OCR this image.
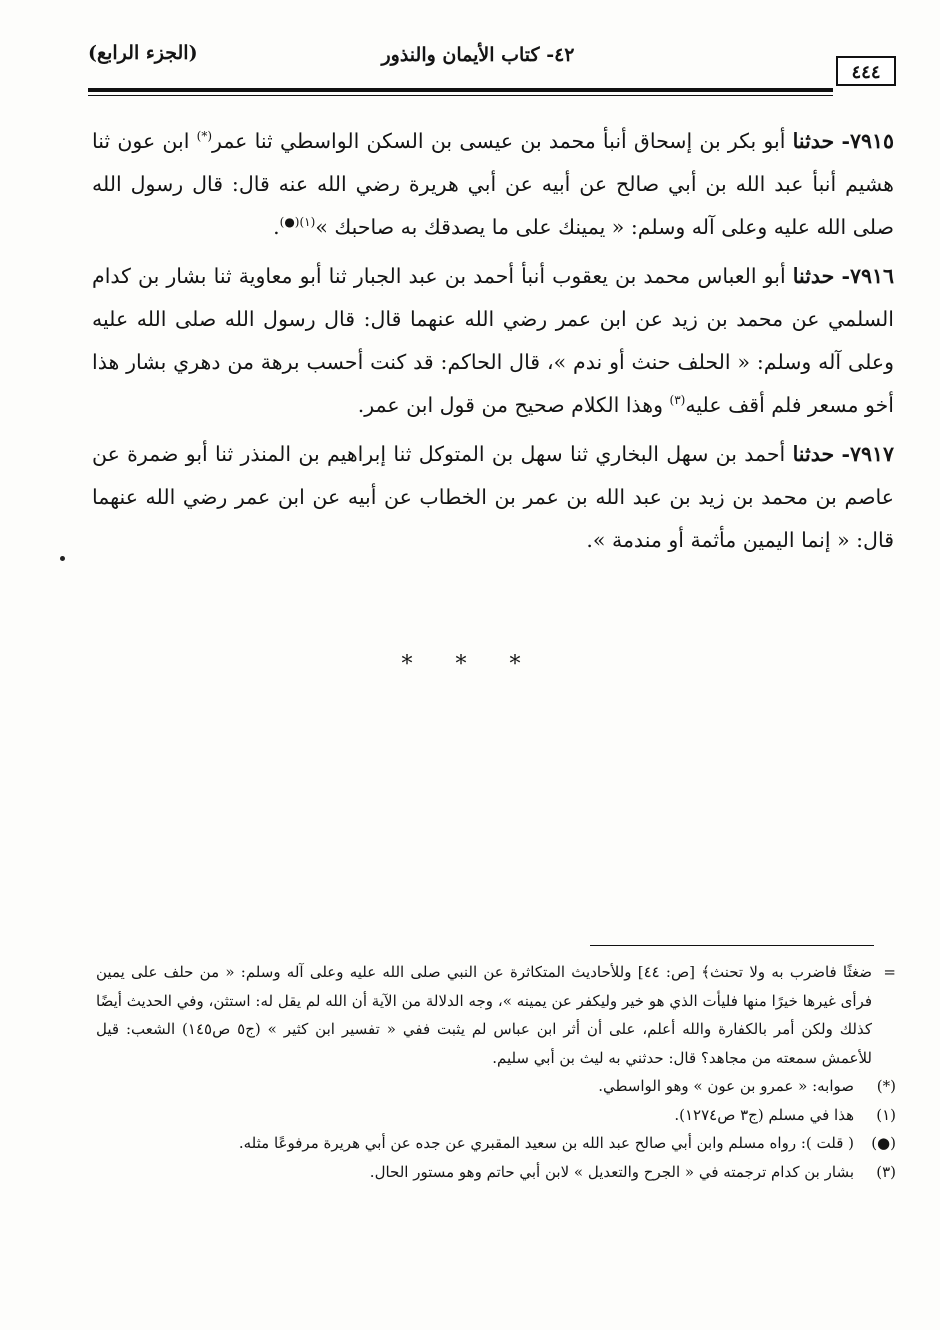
(الجزء الرابع)	٤٢- كتاب الأيمان والنذور
٤٤٤

٧٩١٥- حدثنا أبو بكر بن إسحاق أنبأ محمد بن عيسى بن السكن الواسطي ثنا عمر(*) ابن عون ثنا هشيم أنبأ عبد الله بن أبي صالح عن أبيه عن أبي هريرة رضي الله عنه قال: قال رسول الله صلى الله عليه وعلى آله وسلم: « يمينك على ما يصدقك به صاحبك »$^{(١)(●)}$.

٧٩١٦- حدثنا أبو العباس محمد بن يعقوب أنبأ أحمد بن عبد الجبار ثنا أبو معاوية ثنا بشار بن كدام السلمي عن محمد بن زيد عن ابن عمر رضي الله عنهما قال: قال رسول الله صلى الله عليه وعلى آله وسلم: « الحلف حنث أو ندم »، قال الحاكم: قد كنت أحسب برهة من دهري بشار هذا أخو مسعر فلم أقف عليه$^{(٣)}$ وهذا الكلام صحيح من قول ابن عمر.

٧٩١٧- حدثنا أحمد بن سهل البخاري ثنا سهل بن المتوكل ثنا إبراهيم بن المنذر ثنا أبو ضمرة عن عاصم بن محمد بن زيد بن عبد الله بن عمر بن الخطاب عن أبيه عن ابن عمر رضي الله عنهما قال: « إنما اليمين مأثمة أو مندمة ».

* * *
=
ضغثًا فاضرب به ولا تحنث﴾ [ص: ٤٤] وللأحاديث المتكاثرة عن النبي صلى الله عليه وعلى آله وسلم: « من حلف على يمين فرأى غيرها خيرًا منها فليأت الذي هو خير وليكفر عن يمينه »، وجه الدلالة من الآية أن الله لم يقل له: استثن، وفي الحديث أيضًا كذلك ولكن أمر بالكفارة والله أعلم، على أن أثر ابن عباس لم يثبت ففي « تفسير ابن كثير » (ج٥ ص١٤٥) الشعب: قيل للأعمش سمعته من مجاهد؟ قال: حدثني به ليث بن أبي سليم.
(*)
صوابه: « عمرو بن عون » وهو الواسطي.
(١)
هذا في مسلم (ج٣ ص١٢٧٤).
(●)
( قلت ): رواه مسلم وابن أبي صالح عبد الله بن سعيد المقبري عن جده عن أبي هريرة مرفوعًا مثله.
(٣)
بشار بن كدام ترجمته في « الجرح والتعديل » لابن أبي حاتم وهو مستور الحال.
